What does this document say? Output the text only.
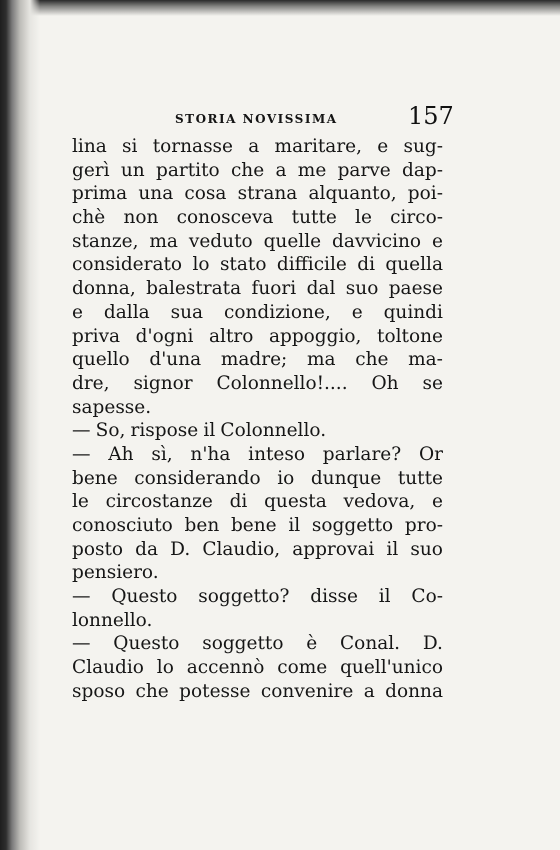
STORIA NOVISSIMA	157
lina si tornasse a maritare, e sug-
gerì un partito che a me parve dap-
prima una cosa strana alquanto, poi-
chè non conosceva tutte le circo-
stanze, ma veduto quelle davvicino e
considerato lo stato difficile di quella
donna, balestrata fuori dal suo paese
e dalla sua condizione, e quindi
priva d'ogni altro appoggio, toltone
quello d'una madre; ma che ma-
dre, signor Colonnello!.... Oh se
sapesse.
— So, rispose il Colonnello.
— Ah sì, n'ha inteso parlare? Or
bene considerando io dunque tutte
le circostanze di questa vedova, e
conosciuto ben bene il soggetto pro-
posto da D. Claudio, approvai il suo
pensiero.
— Questo soggetto? disse il Co-
lonnello.
— Questo soggetto è Conal. D.
Claudio lo accennò come quell'unico
sposo che potesse convenire a donna
